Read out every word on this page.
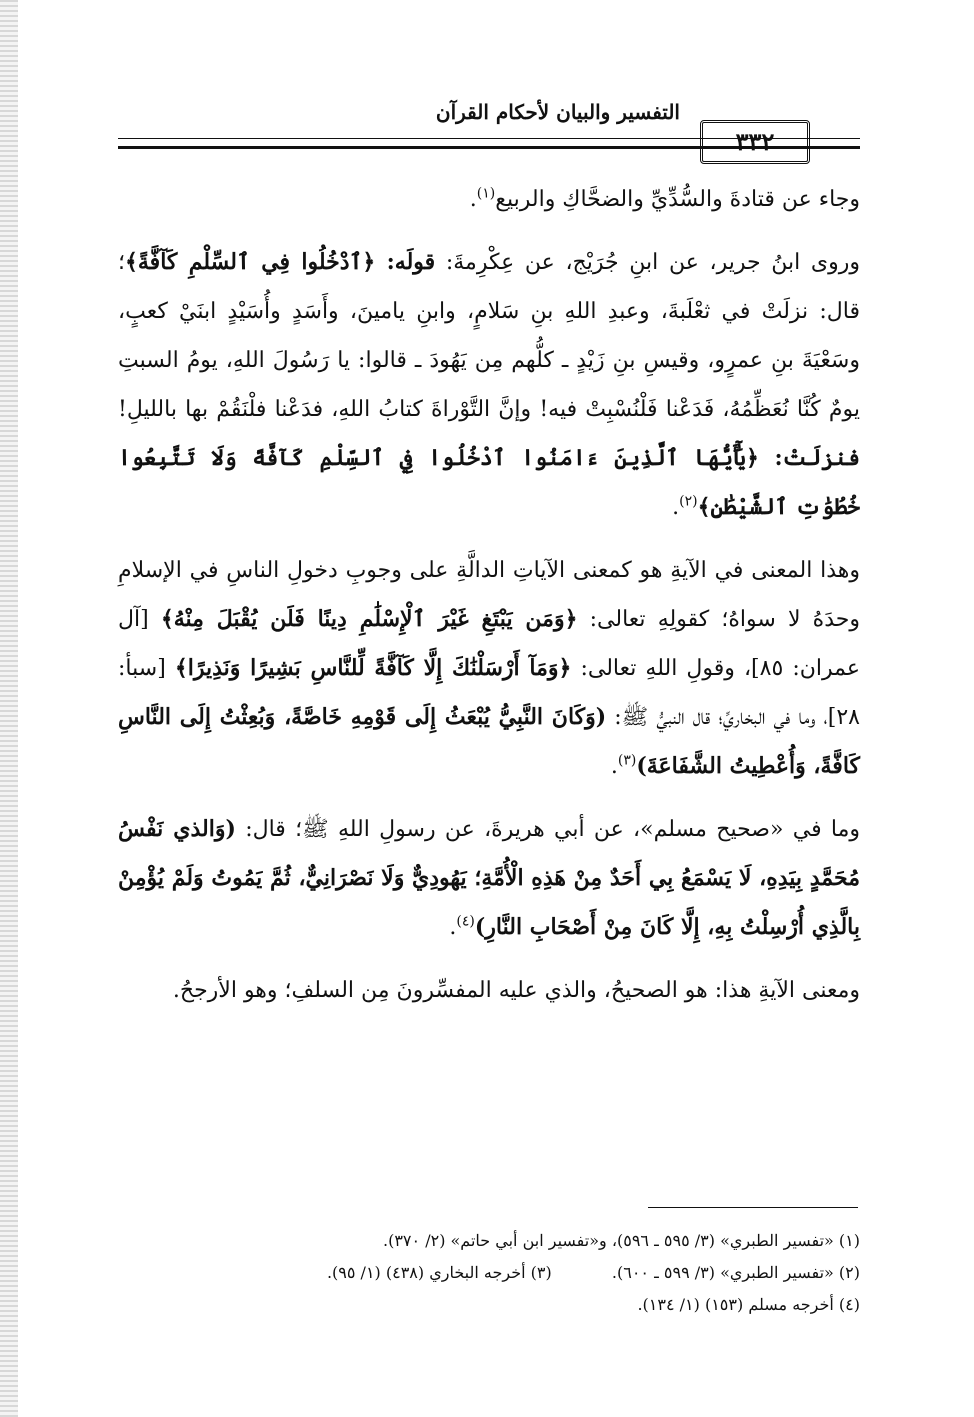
التفسير والبيان لأحكام القرآن
٣٣٢

وجاء عن قتادةَ والسُّدِّيِّ والضحَّاكِ والربيع$^{(١)}$.

وروى ابنُ جرير، عن ابنِ جُرَيْج، عن عِكْرِمةَ: قولَه: ﴿ٱدْخُلُوا فِي ٱلسِّلْمِ كَآفَّةً﴾؛ قال: نزلَتْ في ثعْلَبةَ، وعبدِ اللهِ بنِ سَلامٍ، وابنِ يامينَ، وأَسَدٍ وأُسَيْدٍ ابنَيْ كعبٍ، وسَعْيَةَ بنِ عمرٍو، وقيسِ بنِ زَيْدٍ ـ كلُّهم مِن يَهُودَ ـ قالوا: يا رَسُولَ اللهِ، يومُ السبتِ يومٌ كُنَّا نُعَظِّمُهُ، فَدَعْنا فَلْنُسْبِتْ فيه! وإنَّ التَّوْراةَ كتابُ اللهِ، فدَعْنا فلْنَقُمْ بها بالليلِ! فنزلَتْ: ﴿يَٰٓأَيُّهَا ٱلَّذِينَ ءَامَنُوا ٱدْخُلُوا فِي ٱلسِّلْمِ كَآفَّةً وَلَا تَتَّبِعُوا خُطُوَٰتِ ٱلشَّيْطَٰنِ﴾$^{(٢)}$.

وهذا المعنى في الآيةِ هو كمعنى الآياتِ الدالَّةِ على وجوبِ دخولِ الناسِ في الإسلامِ وحدَهُ لا سواهُ؛ كقولِهِ تعالى: ﴿وَمَن يَبْتَغِ غَيْرَ ٱلْإِسْلَٰمِ دِينًا فَلَن يُقْبَلَ مِنْهُ﴾ [آل عمران: ٨٥]، وقولِ اللهِ تعالى: ﴿وَمَآ أَرْسَلْنَٰكَ إِلَّا كَآفَّةً لِّلنَّاسِ بَشِيرًا وَنَذِيرًا﴾ [سبأ: ٢٨]، وما في البخاريِّ؛ قال النبيُّ ﷺ: (وَكَانَ النَّبِيُّ يُبْعَثُ إِلَى قَوْمِهِ خَاصَّةً، وَبُعِثْتُ إِلَى النَّاسِ كَافَّةً، وَأُعْطِيتُ الشَّفَاعَةَ)$^{(٣)}$.

وما في «صحيح مسلم»، عن أبي هريرةَ، عن رسولِ اللهِ ﷺ؛ قال: (وَالذي نَفْسُ مُحَمَّدٍ بِيَدِهِ، لَا يَسْمَعُ بِي أَحَدٌ مِنْ هَذِهِ الْأُمَّةِ؛ يَهُودِيٌّ وَلَا نَصْرَانِيٌّ، ثُمَّ يَمُوتُ وَلَمْ يُؤْمِنْ بِالَّذِي أُرْسِلْتُ بِهِ، إِلَّا كَانَ مِنْ أَصْحَابِ النَّارِ)$^{(٤)}$.

ومعنى الآيةِ هذا: هو الصحيحُ، والذي عليه المفسِّرونَ مِن السلفِ؛ وهو الأرجحُ.

(١) «تفسير الطبري» (٣/ ٥٩٥ ـ ٥٩٦)، و«تفسير ابن أبي حاتم» (٢/ ٣٧٠).
(٢) «تفسير الطبري» (٣/ ٥٩٩ ـ ٦٠٠).  (٣) أخرجه البخاري (٤٣٨) (١/ ٩٥).
(٤) أخرجه مسلم (١٥٣) (١/ ١٣٤).
